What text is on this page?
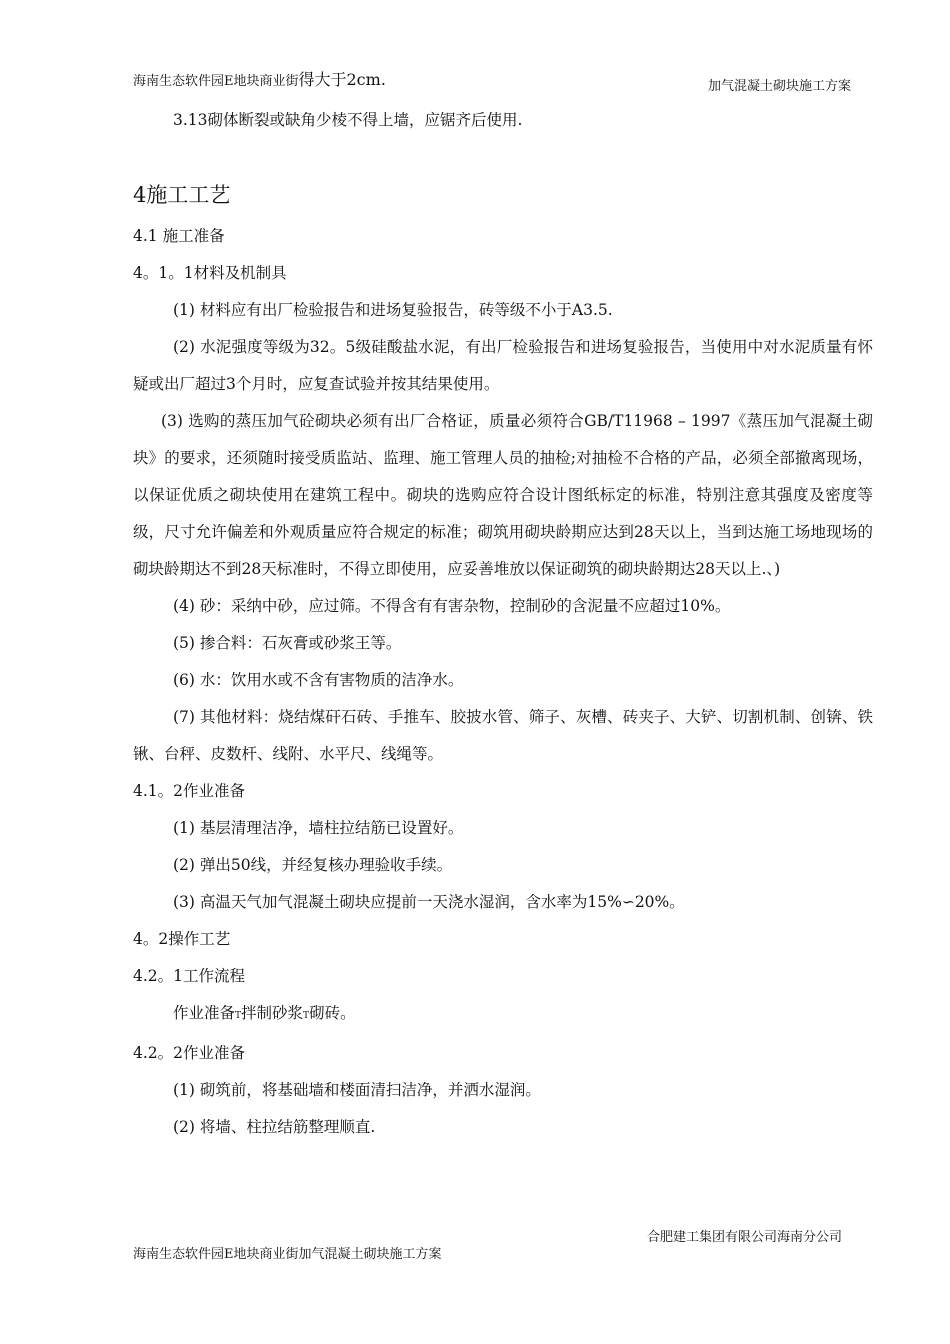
海南生态软件园E地块商业街得大于2cm.	加气混凝土砌块施工方案

3.13砌体断裂或缺角少棱不得上墙，应锯齐后使用.

4施工工艺

4.1 施工准备

4。1。1材料及机制具

(1) 材料应有出厂检验报告和进场复验报告，砖等级不小于A3.5.

(2) 水泥强度等级为32。5级硅酸盐水泥，有出厂检验报告和进场复验报告，当使用中对水泥质量有怀疑或出厂超过3个月时，应复查试验并按其结果使用。

(3) 选购的蒸压加气砼砌块必须有出厂合格证，质量必须符合GB/T11968 – 1997《蒸压加气混凝土砌块》的要求，还须随时接受质监站、监理、施工管理人员的抽检;对抽检不合格的产品，必须全部撤离现场，以保证优质之砌块使用在建筑工程中。砌块的选购应符合设计图纸标定的标准，特别注意其强度及密度等级，尺寸允许偏差和外观质量应符合规定的标准；砌筑用砌块龄期应达到28天以上，当到达施工场地现场的砌块龄期达不到28天标准时，不得立即使用，应妥善堆放以保证砌筑的砌块龄期达28天以上.、)

(4) 砂：采纳中砂，应过筛。不得含有有害杂物，控制砂的含泥量不应超过10%。

(5) 掺合料：石灰膏或砂浆王等。

(6) 水：饮用水或不含有害物质的洁净水。

(7) 其他材料：烧结煤矸石砖、手推车、胶披水管、筛子、灰槽、砖夹子、大铲、切割机制、创锛、铁锹、台秤、皮数杆、线附、水平尺、线绳等。

4.1。2作业准备

(1) 基层清理洁净，墙柱拉结筋已设置好。

(2) 弹出50线，并经复核办理验收手续。

(3) 高温天气加气混凝土砌块应提前一天浇水湿润，含水率为15%∽20%。

4。2操作工艺

4.2。1工作流程

作业准备T拌制砂浆T砌砖。

4.2。2作业准备

(1) 砌筑前，将基础墙和楼面清扫洁净，并洒水湿润。

(2) 将墙、柱拉结筋整理顺直.

合肥建工集团有限公司海南分公司
海南生态软件园E地块商业街加气混凝土砌块施工方案
